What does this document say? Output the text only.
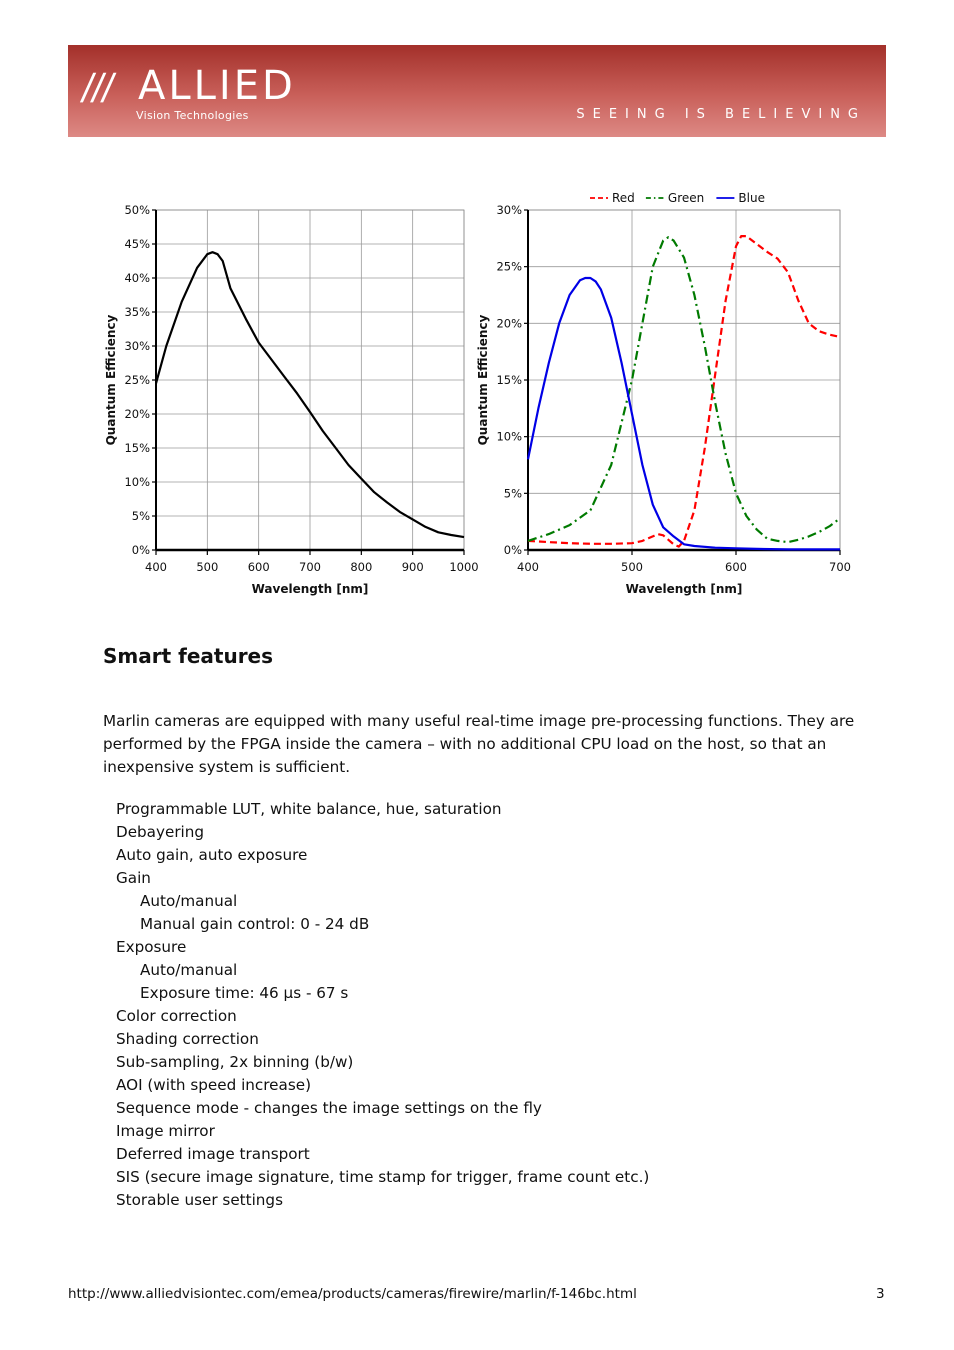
/// ALLIED
Vision Technologies	SEEING IS BELIEVING
400	500	600	700	800	900 1000
0%
5%
10%
15%
20%
25%
30%
35%
40%
45%
50%
Wavelength [nm]
Quantum Efficiency
400	500	600	700
0%
5%
10%
15%
20%
25%
30%
Wavelength [nm]
Quantum Efficiency
Red	Green	Blue
Smart features

Marlin cameras are equipped with many useful real-time image pre-processing functions. They are performed by the FPGA inside the camera – with no additional CPU load on the host, so that an inexpensive system is sufficient.

Programmable LUT, white balance, hue, saturation
Debayering
Auto gain, auto exposure
Gain
Auto/manual
Manual gain control: 0 - 24 dB
Exposure
Auto/manual
Exposure time: 46 µs - 67 s
Color correction
Shading correction
Sub-sampling, 2x binning (b/w)
AOI (with speed increase)
Sequence mode - changes the image settings on the fly
Image mirror
Deferred image transport
SIS (secure image signature, time stamp for trigger, frame count etc.)
Storable user settings
http://www.alliedvisiontec.com/emea/products/cameras/firewire/marlin/f-146bc.html	3
